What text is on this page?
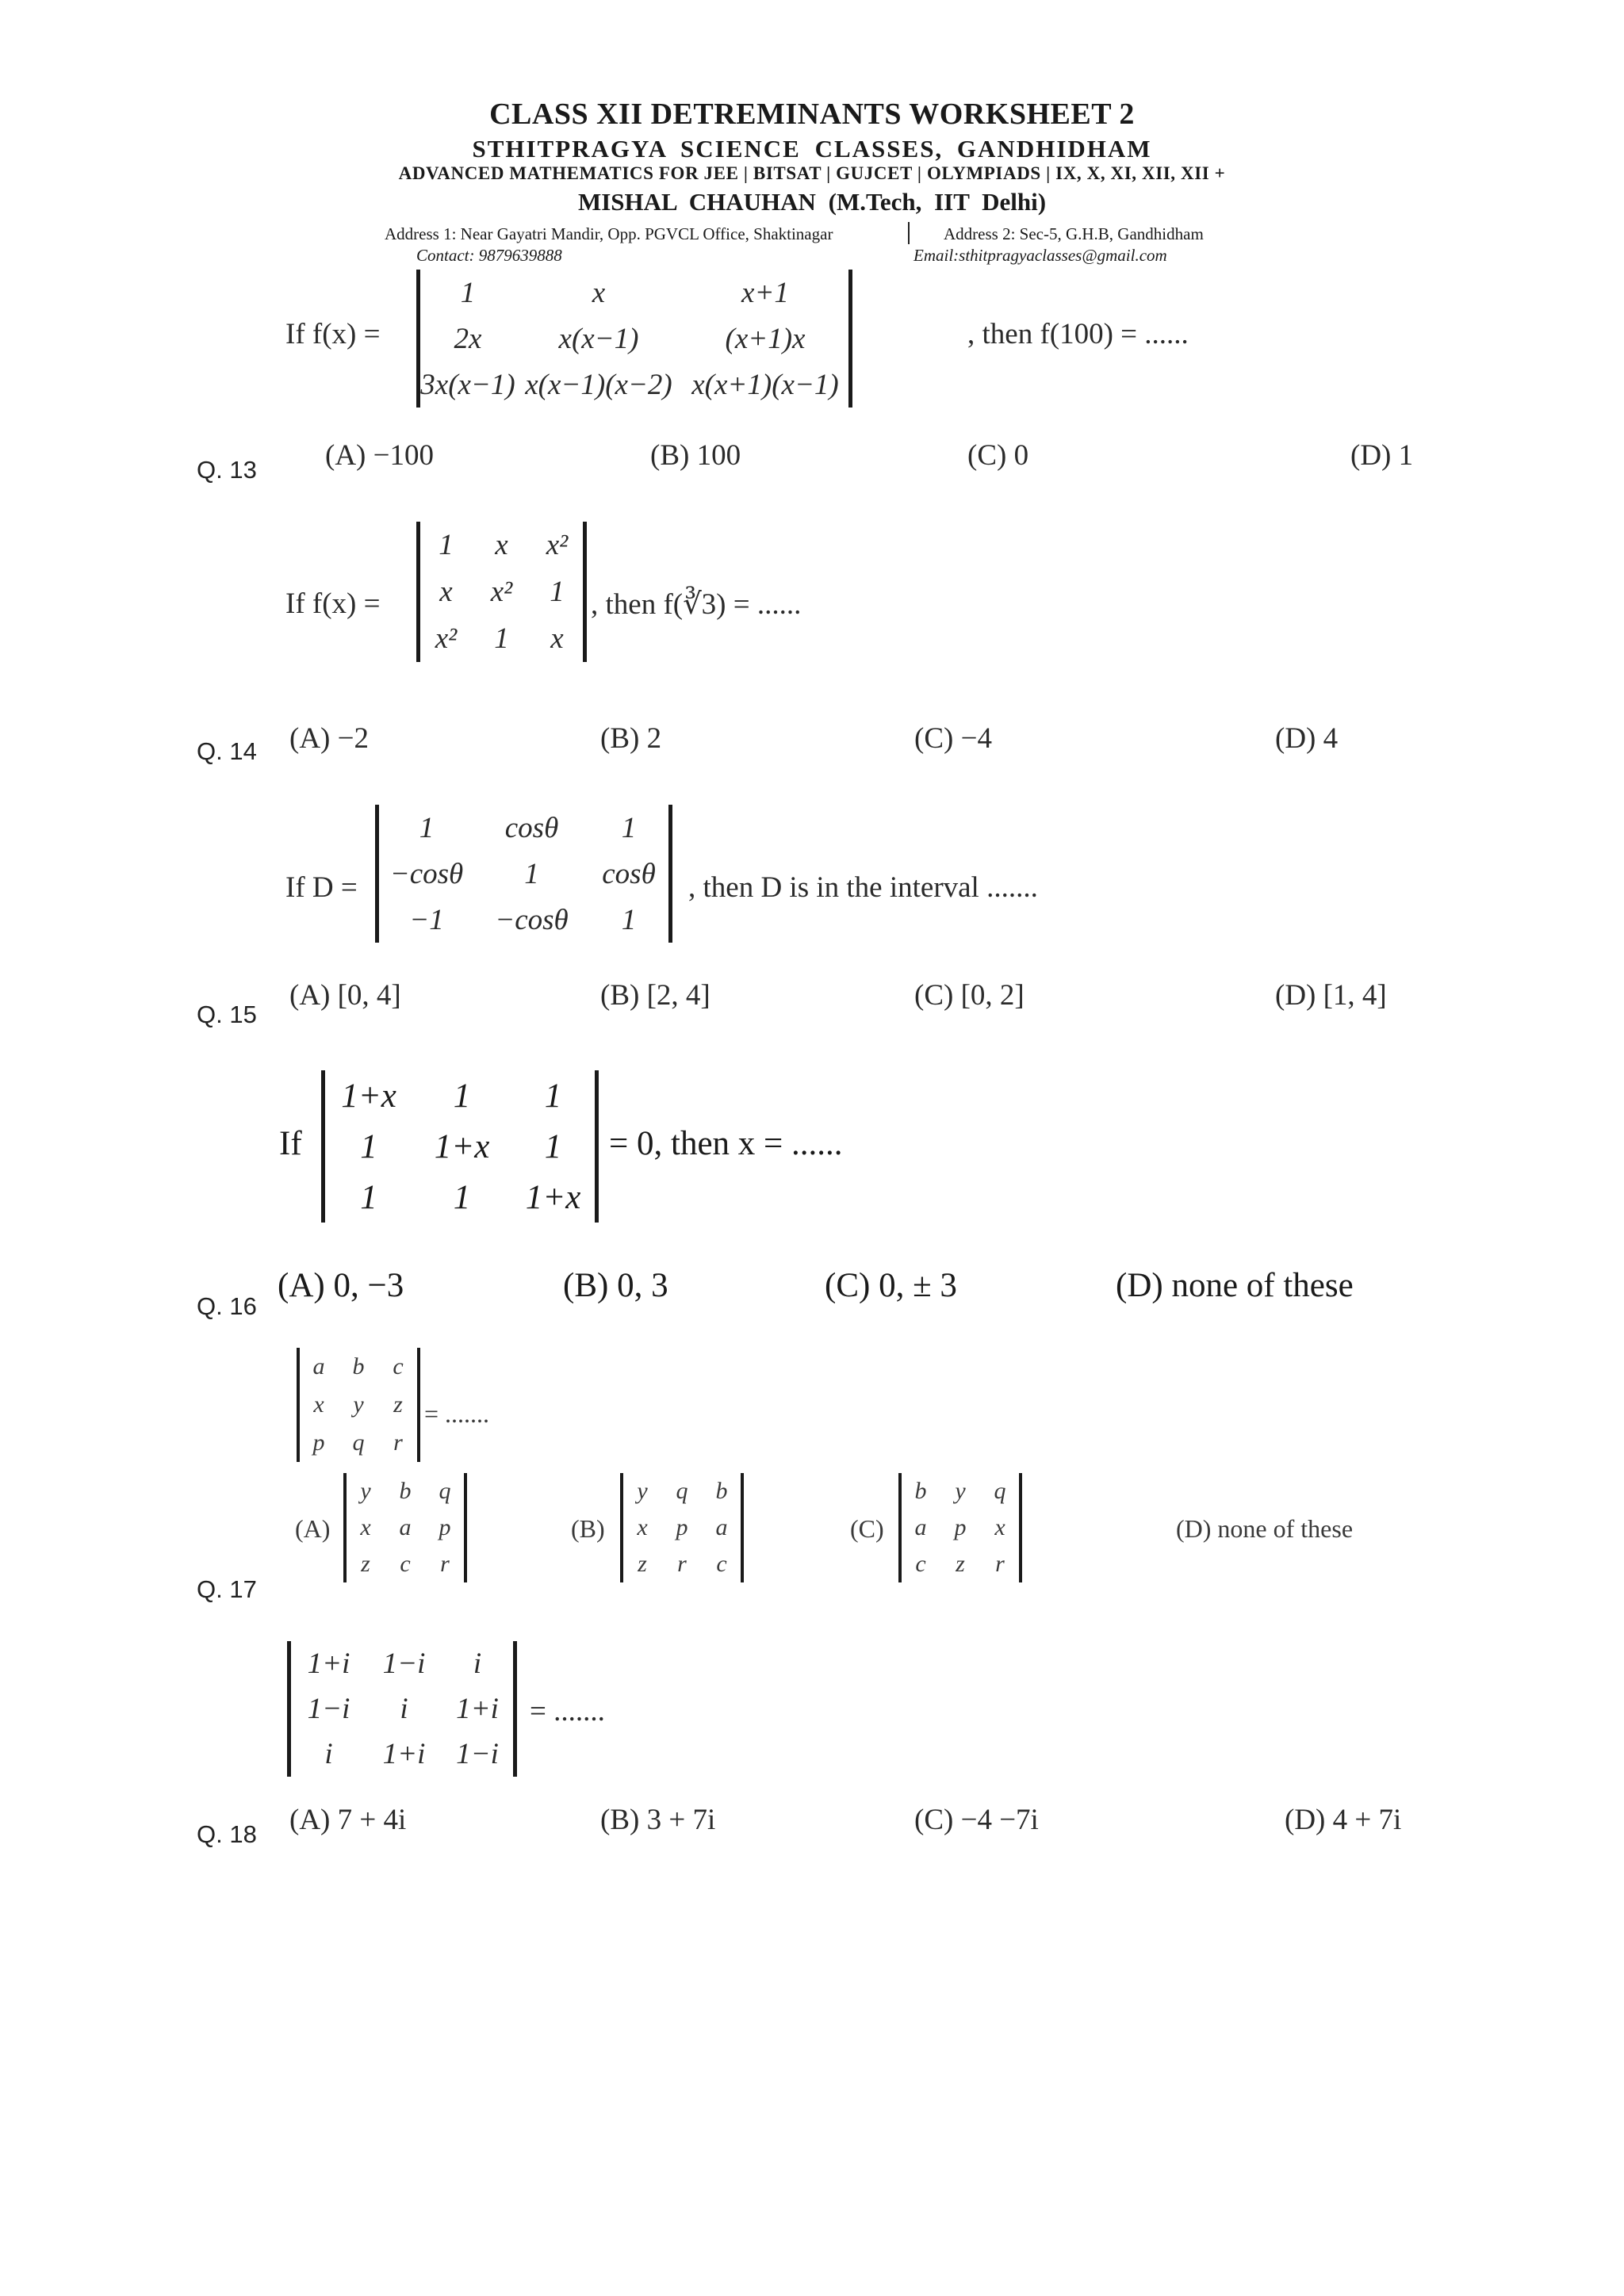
CLASS XII DETREMINANTS WORKSHEET 2
STHITPRAGYA SCIENCE CLASSES, GANDHIDHAM
ADVANCED MATHEMATICS FOR JEE | BITSAT | GUJCET | OLYMPIADS | IX, X, XI, XII, XII +
MISHAL CHAUHAN (M.Tech, IIT Delhi)
Address 1: Near Gayatri Mandir, Opp. PGVCL Office, Shaktinagar	Address 2: Sec-5, G.H.B, Gandhidham
Contact: 9879639888	Email:sthitpragyaclasses@gmail.com
If f(x) =
1	x	x+1
2x	x(x−1)	(x+1)x
3x(x−1)	x(x−1)(x−2)	x(x+1)(x−1)
, then f(100) = ......
(A) −100	(B) 100	(C) 0	(D) 1
Q. 13
If f(x) =
1	x	x²
x	x²	1
x²	1	x
, then f(∛3) = ......
(A) −2	(B) 2	(C) −4	(D) 4
Q. 14
If D =
1	cosθ	1
−cosθ	1	cosθ
−1	−cosθ	1
, then D is in the interval .......
(A) [0, 4]	(B) [2, 4]	(C) [0, 2]	(D) [1, 4]
Q. 15
If
1+x	1	1
1	1+x	1
1	1	1+x
= 0, then x = ......
(A) 0, −3	(B) 0, 3	(C) 0, ± 3	(D) none of these
Q. 16
a	b	c
x	y	z
p	q	r
= .......
(A)
y	b	q
x	a	p
z	c	r
(B)
y	q	b
x	p	a
z	r	c
(C)
b	y	q
a	p	x
c	z	r
(D) none of these
Q. 17
1+i	1−i	i
1−i	i	1+i
i	1+i	1−i
= .......
(A) 7 + 4i	(B) 3 + 7i	(C) −4 −7i	(D) 4 + 7i
Q. 18
